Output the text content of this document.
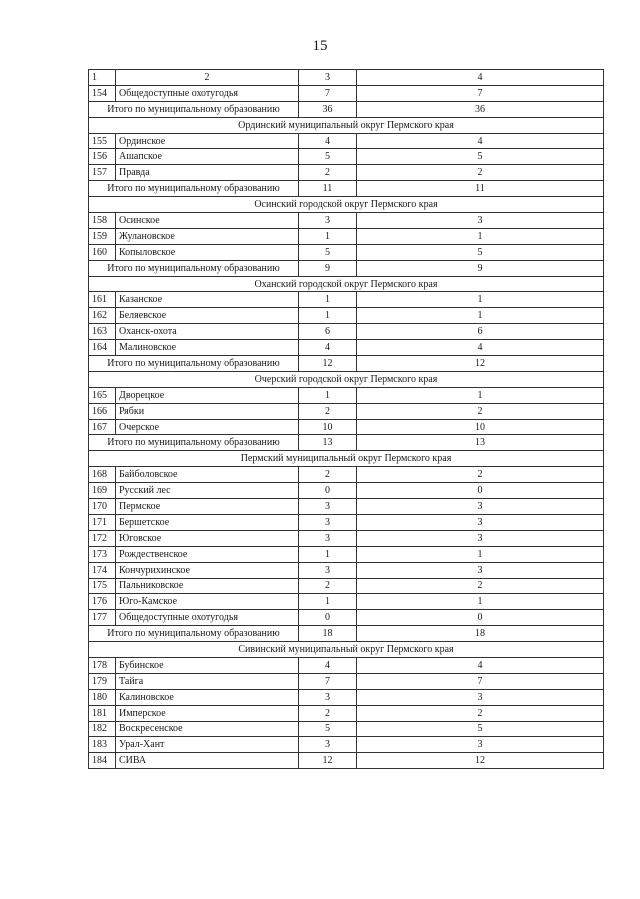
15
1	2	3	4
154	Общедоступные охотугодья	7	7
Итого по муниципальному образованию		36	36
Ординский муниципальный округ Пермского края			
155	Ординское	4	4
156	Ашапское	5	5
157	Правда	2	2
Итого по муниципальному образованию		11	11
Осинский городской округ Пермского края			
158	Осинское	3	3
159	Жулановское	1	1
160	Копыловское	5	5
Итого по муниципальному образованию		9	9
Оханский городской округ Пермского края			
161	Казанское	1	1
162	Беляевское	1	1
163	Оханск-охота	6	6
164	Малиновское	4	4
Итого по муниципальному образованию		12	12
Очерский городской округ Пермского края			
165	Дворецкое	1	1
166	Рябки	2	2
167	Очерское	10	10
Итого по муниципальному образованию		13	13
Пермский муниципальный округ Пермского края			
168	Байболовское	2	2
169	Русский лес	0	0
170	Пермское	3	3
171	Бершетское	3	3
172	Юговское	3	3
173	Рождественское	1	1
174	Кончурихинское	3	3
175	Пальниковское	2	2
176	Юго-Камское	1	1
177	Общедоступные охотугодья	0	0
Итого по муниципальному образованию		18	18
Сивинский муниципальный округ Пермского края			
178	Бубинское	4	4
179	Тайга	7	7
180	Калиновское	3	3
181	Имперское	2	2
182	Воскресенское	5	5
183	Урал-Хант	3	3
184	СИВА	12	12
